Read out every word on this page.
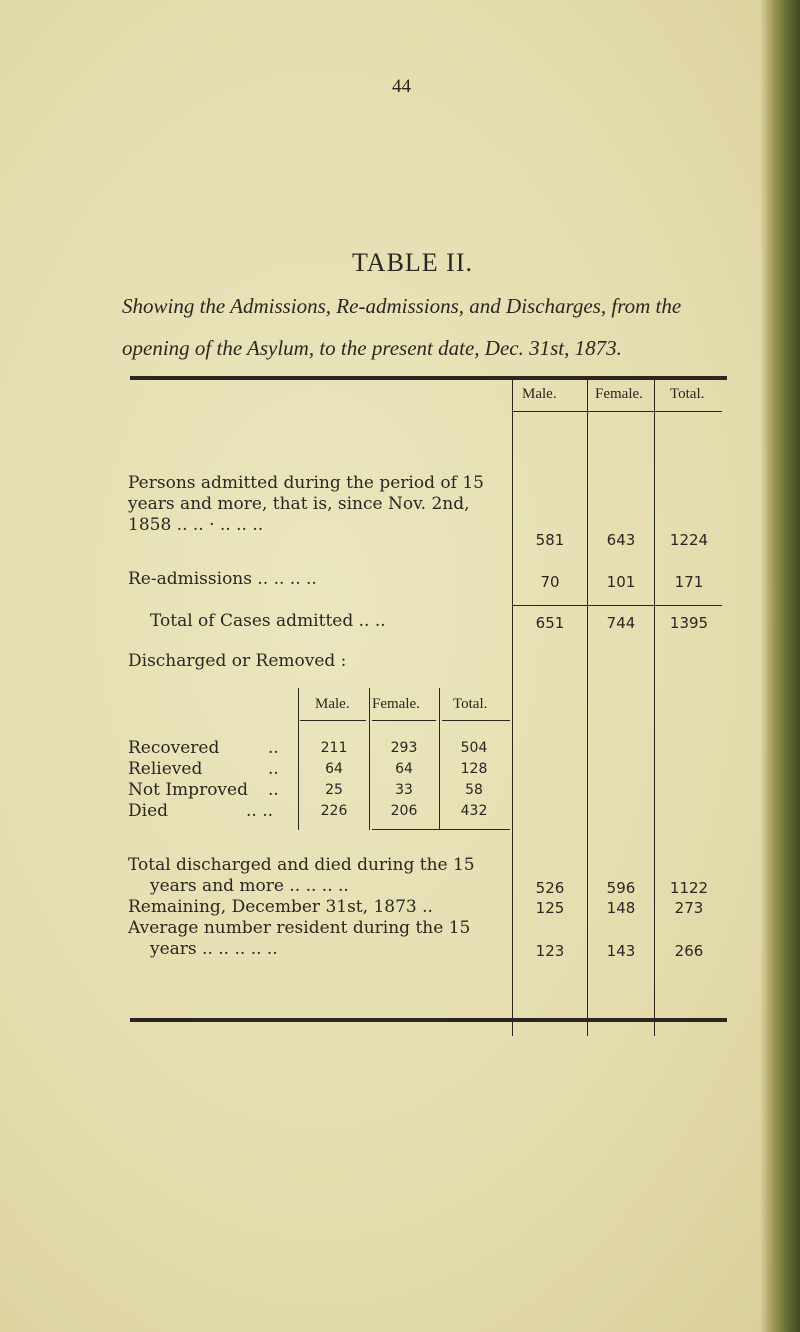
44
TABLE II.
Showing the Admissions, Re-admissions, and Discharges, from the
opening of the Asylum, to the present date, Dec. 31st, 1873.
Male.	Female. Total.
Persons admitted during the period of 15
years and more, that is, since Nov. 2nd,
1858 .. .. · .. .. ..
581	643	1224
Re-admissions .. .. .. ..	70	101	171
Total of Cases admitted .. ..	651	744	1395
Discharged or Removed :
Male. Female. Total.
Recovered	..	211	293	504
Relieved	..	64	64	128
Not Improved ..	25	33	58
Died	.. ..	226	206	432
Total discharged and died during the 15
years and more .. .. .. ..	526	596	1122
Remaining, December 31st, 1873 ..	125	148	273
Average number resident during the 15
years .. .. .. .. ..	123	143	266
